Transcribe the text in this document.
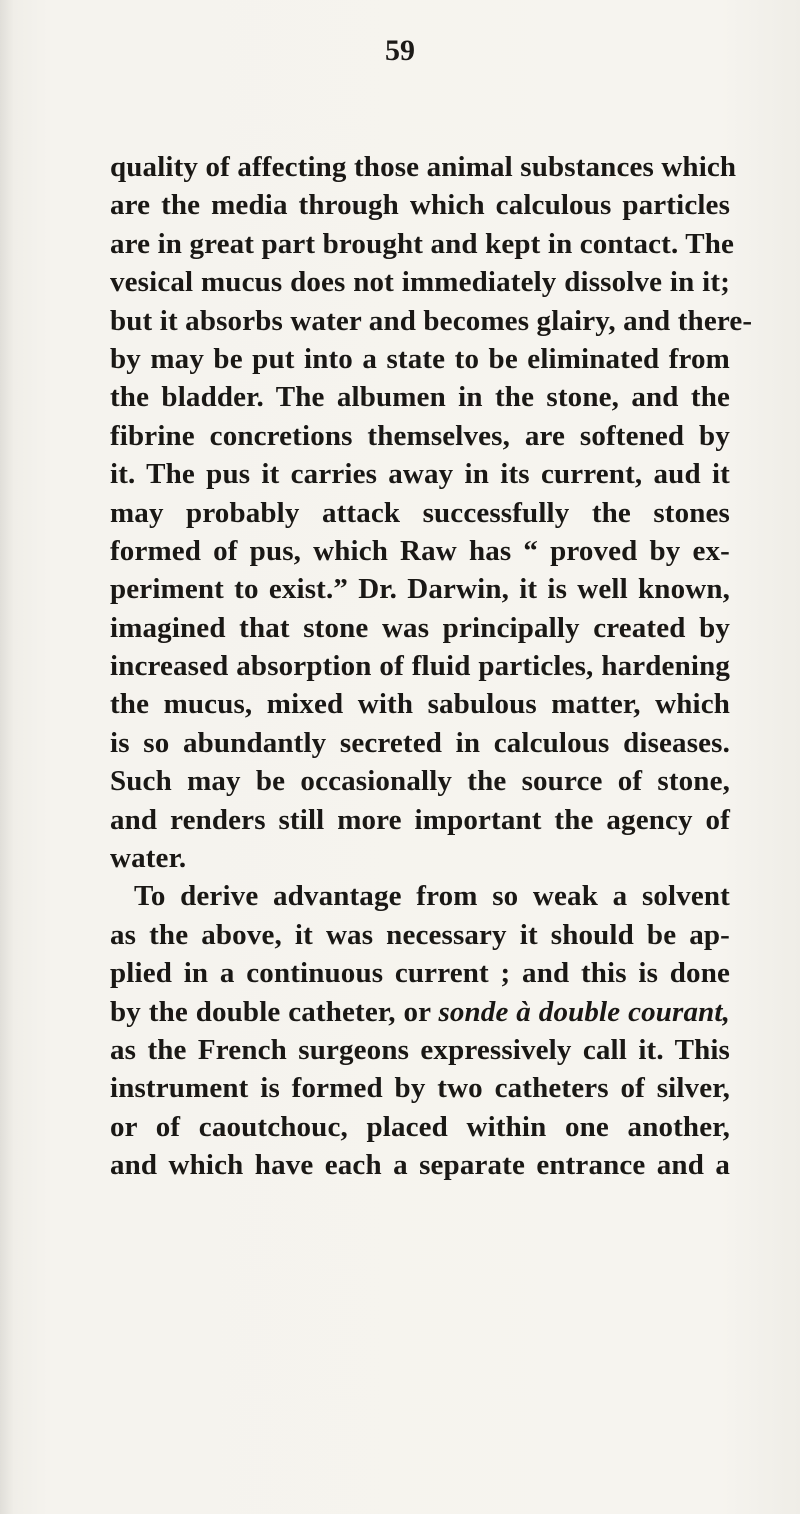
59
quality of affecting those animal substances which
are the media through which calculous particles
are in great part brought and kept in contact. The
vesical mucus does not immediately dissolve in it;
but it absorbs water and becomes glairy, and there-
by may be put into a state to be eliminated from
the bladder. The albumen in the stone, and the
fibrine concretions themselves, are softened by
it. The pus it carries away in its current, aud it
may probably attack successfully the stones
formed of pus, which Raw has “ proved by ex-
periment to exist.” Dr. Darwin, it is well known,
imagined that stone was principally created by
increased absorption of fluid particles, hardening
the mucus, mixed with sabulous matter, which
is so abundantly secreted in calculous diseases.
Such may be occasionally the source of stone,
and renders still more important the agency of
water.
To derive advantage from so weak a solvent
as the above, it was necessary it should be ap-
plied in a continuous current ; and this is done
by the double catheter, or sonde à double courant,
as the French surgeons expressively call it. This
instrument is formed by two catheters of silver,
or of caoutchouc, placed within one another,
and which have each a separate entrance and a
